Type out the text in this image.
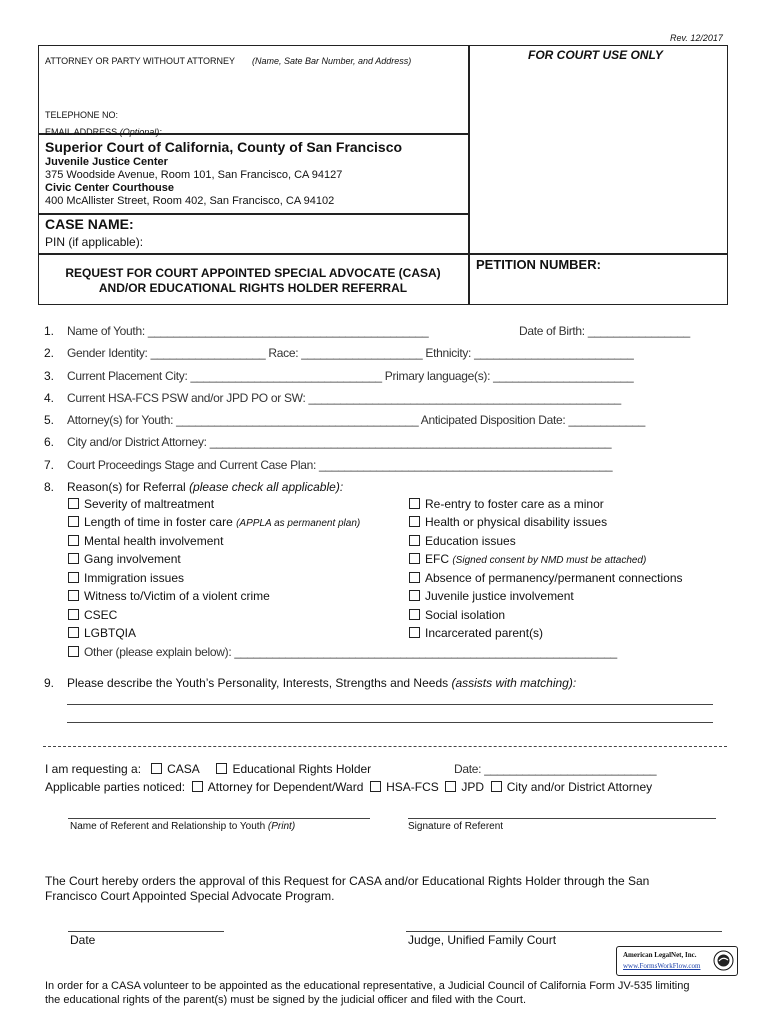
Rev. 12/2017
ATTORNEY OR PARTY WITHOUT ATTORNEY (Name, Sate Bar Number, and Address)	FOR COURT USE ONLY
TELEPHONE NO:
EMAIL ADDRESS (Optional):
Superior Court of California, County of San Francisco
Juvenile Justice Center
375 Woodside Avenue, Room 101, San Francisco, CA 94127
Civic Center Courthouse
400 McAllister Street, Room 402, San Francisco, CA 94102
CASE NAME:
PIN (if applicable):
REQUEST FOR COURT APPOINTED SPECIAL ADVOCATE (CASA)
AND/OR EDUCATIONAL RIGHTS HOLDER REFERRAL
PETITION NUMBER:
1. Name of Youth: ____________________________________________	Date of Birth: ________________
2. Gender Identity: __________________ Race: ___________________ Ethnicity: _________________________
3. Current Placement City: ______________________________ Primary language(s): ______________________
4. Current HSA-FCS PSW and/or JPD PO or SW: _________________________________________________
5. Attorney(s) for Youth: ______________________________________ Anticipated Disposition Date: ____________
6. City and/or District Attorney: _______________________________________________________________
7. Court Proceedings Stage and Current Case Plan: ______________________________________________
8. Reason(s) for Referral (please check all applicable):
Severity of maltreatment
Length of time in foster care (APPLA as permanent plan)
Mental health involvement
Gang involvement
Immigration issues
Witness to/Victim of a violent crime
CSEC
LGBTQIA
Re-entry to foster care as a minor
Health or physical disability issues
Education issues
EFC (Signed consent by NMD must be attached)
Absence of permanency/permanent connections
Juvenile justice involvement
Social isolation
Incarcerated parent(s)
Other (please explain below): ____________________________________________________________
9. Please describe the Youth’s Personality, Interests, Strengths and Needs (assists with matching):
I am requesting a: CASA	Educational Rights Holder	Date: ___________________________
Applicable parties noticed: Attorney for Dependent/Ward HSA-FCS JPD City and/or District Attorney
Name of Referent and Relationship to Youth (Print)	Signature of Referent
The Court hereby orders the approval of this Request for CASA and/or Educational Rights Holder through the San
Francisco Court Appointed Special Advocate Program.
Date	Judge, Unified Family Court
American LegalNet, Inc.
www.FormsWorkFlow.com
In order for a CASA volunteer to be appointed as the educational representative, a Judicial Council of California Form JV-535 limiting
the educational rights of the parent(s) must be signed by the judicial officer and filed with the Court.
